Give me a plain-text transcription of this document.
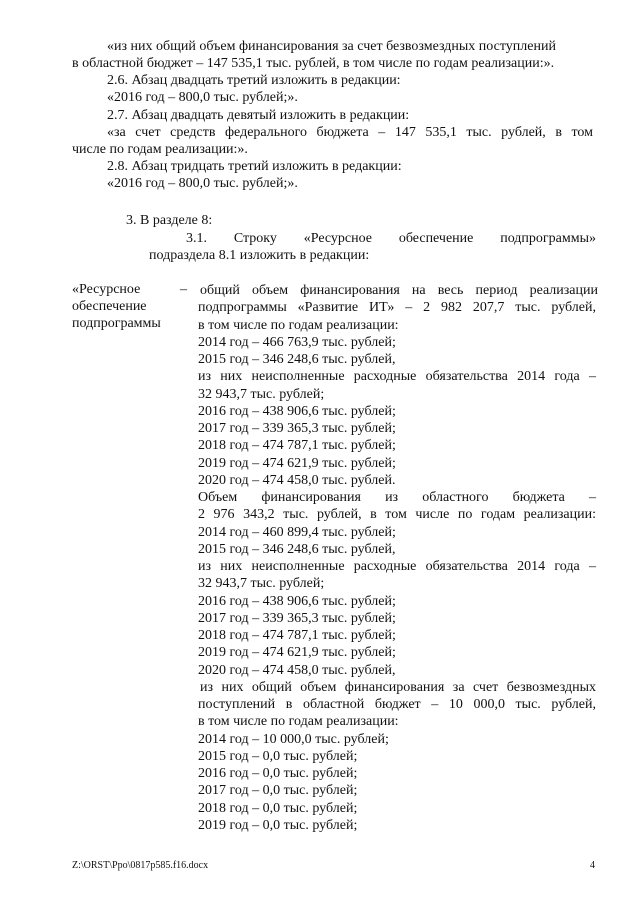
«из них общий объем финансирования за счет безвозмездных поступлений
в областной бюджет – 147 535,1 тыс. рублей, в том числе по годам реализации:».
2.6. Абзац двадцать третий изложить в редакции:
«2016 год – 800,0 тыс. рублей;».
2.7. Абзац двадцать девятый изложить в редакции:
«за счет средств федерального бюджета – 147 535,1 тыс. рублей, в том
числе по годам реализации:».
2.8. Абзац тридцать третий изложить в редакции:
«2016 год – 800,0 тыс. рублей;».
3. В разделе 8:
3.1. Строку «Ресурсное обеспечение подпрограммы»
подраздела 8.1 изложить в редакции:
«Ресурсное
обеспечение
подпрограммы
– общий объем финансирования на весь период реализации
подпрограммы «Развитие ИТ» – 2 982 207,7 тыс. рублей,
в том числе по годам реализации:
2014 год – 466 763,9 тыс. рублей;
2015 год – 346 248,6 тыс. рублей,
из них неисполненные расходные обязательства 2014 года –
32 943,7 тыс. рублей;
2016 год – 438 906,6 тыс. рублей;
2017 год – 339 365,3 тыс. рублей;
2018 год – 474 787,1 тыс. рублей;
2019 год – 474 621,9 тыс. рублей;
2020 год – 474 458,0 тыс. рублей.
Объем финансирования из областного бюджета –
2 976 343,2 тыс. рублей, в том числе по годам реализации:
2014 год – 460 899,4 тыс. рублей;
2015 год – 346 248,6 тыс. рублей,
из них неисполненные расходные обязательства 2014 года –
32 943,7 тыс. рублей;
2016 год – 438 906,6 тыс. рублей;
2017 год – 339 365,3 тыс. рублей;
2018 год – 474 787,1 тыс. рублей;
2019 год – 474 621,9 тыс. рублей;
2020 год – 474 458,0 тыс. рублей,
из них общий объем финансирования за счет безвозмездных
поступлений в областной бюджет – 10 000,0 тыс. рублей,
в том числе по годам реализации:
2014 год – 10 000,0 тыс. рублей;
2015 год – 0,0 тыс. рублей;
2016 год – 0,0 тыс. рублей;
2017 год – 0,0 тыс. рублей;
2018 год – 0,0 тыс. рублей;
2019 год – 0,0 тыс. рублей;
Z:\ORST\Ppo\0817p585.f16.docx	4
